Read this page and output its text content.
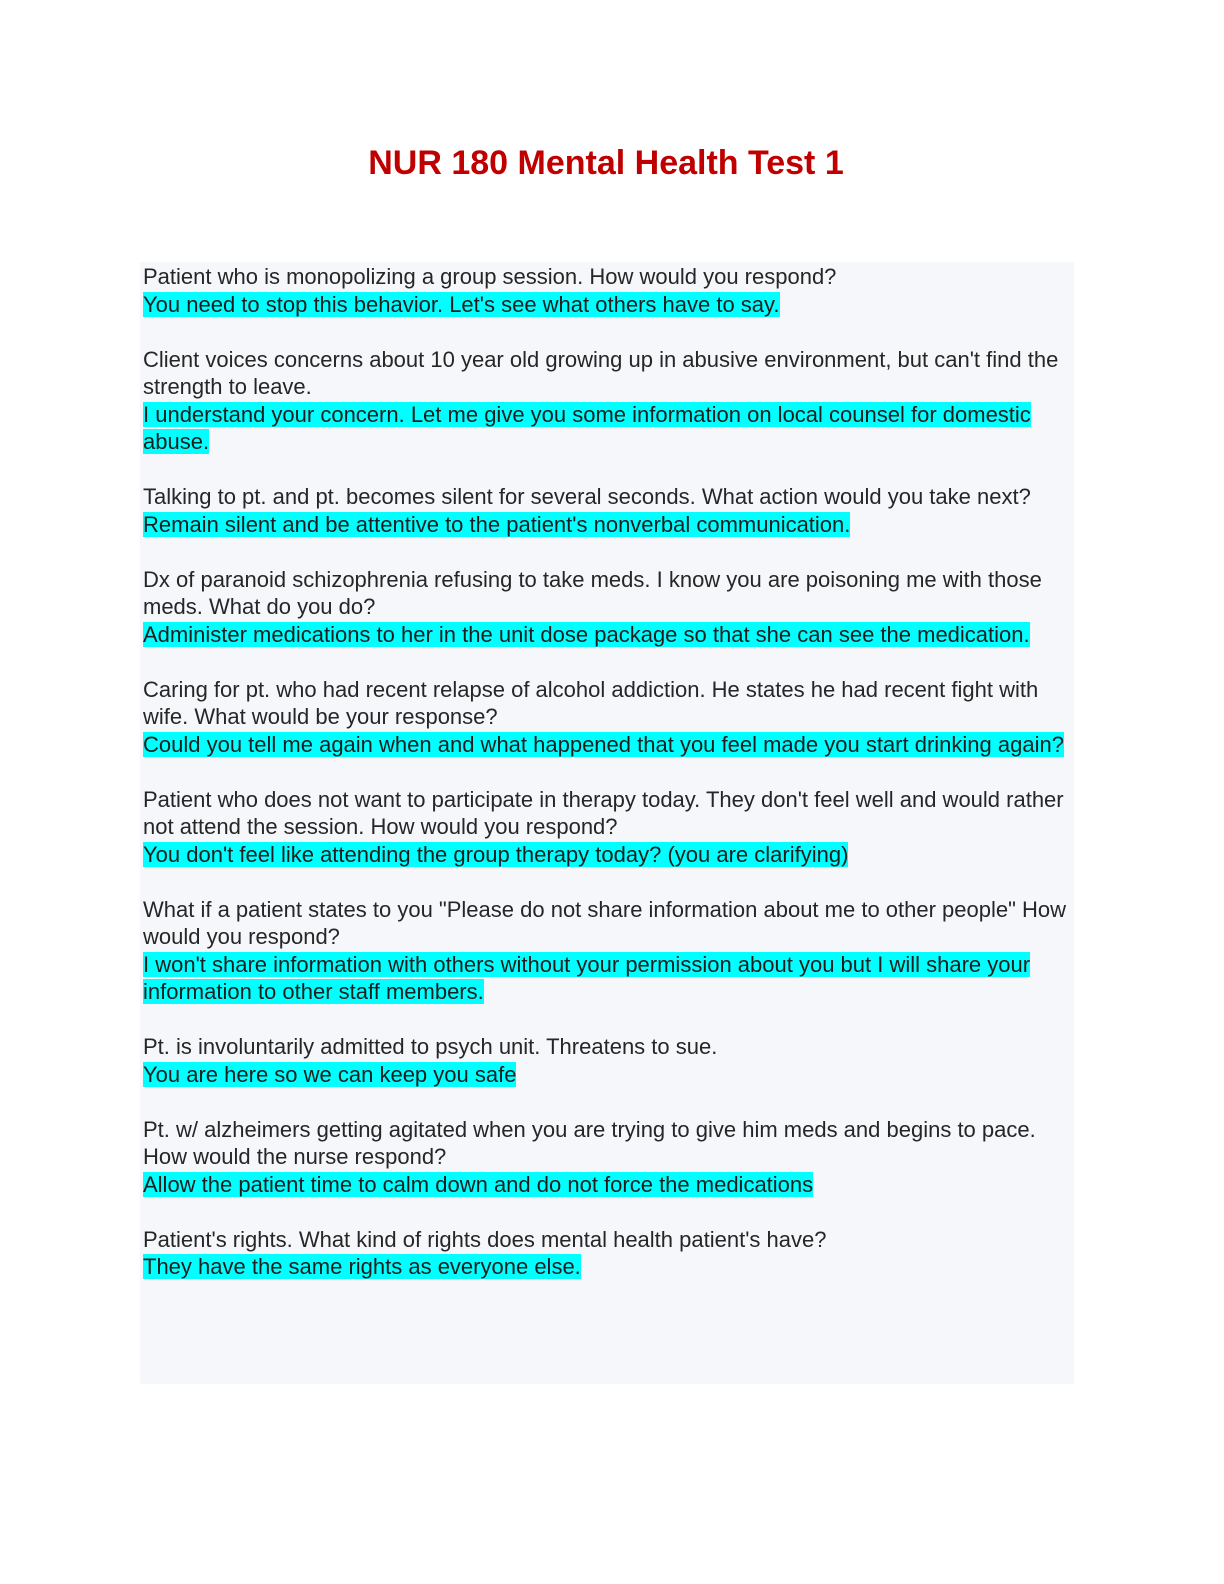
NUR 180 Mental Health Test 1

Patient who is monopolizing a group session. How would you respond?

You need to stop this behavior. Let's see what others have to say.

Client voices concerns about 10 year old growing up in abusive environment, but can't find the strength to leave.

I understand your concern. Let me give you some information on local counsel for domestic abuse.

Talking to pt. and pt. becomes silent for several seconds. What action would you take next?

Remain silent and be attentive to the patient's nonverbal communication.

Dx of paranoid schizophrenia refusing to take meds. I know you are poisoning me with those meds. What do you do?

Administer medications to her in the unit dose package so that she can see the medication.

Caring for pt. who had recent relapse of alcohol addiction. He states he had recent fight with wife. What would be your response?

Could you tell me again when and what happened that you feel made you start drinking again?

Patient who does not want to participate in therapy today. They don't feel well and would rather not attend the session. How would you respond?

You don't feel like attending the group therapy today? (you are clarifying)

What if a patient states to you "Please do not share information about me to other people" How would you respond?

I won't share information with others without your permission about you but I will share your information to other staff members.

Pt. is involuntarily admitted to psych unit. Threatens to sue.

You are here so we can keep you safe

Pt. w/ alzheimers getting agitated when you are trying to give him meds and begins to pace. How would the nurse respond?

Allow the patient time to calm down and do not force the medications

Patient's rights. What kind of rights does mental health patient's have?

They have the same rights as everyone else.
